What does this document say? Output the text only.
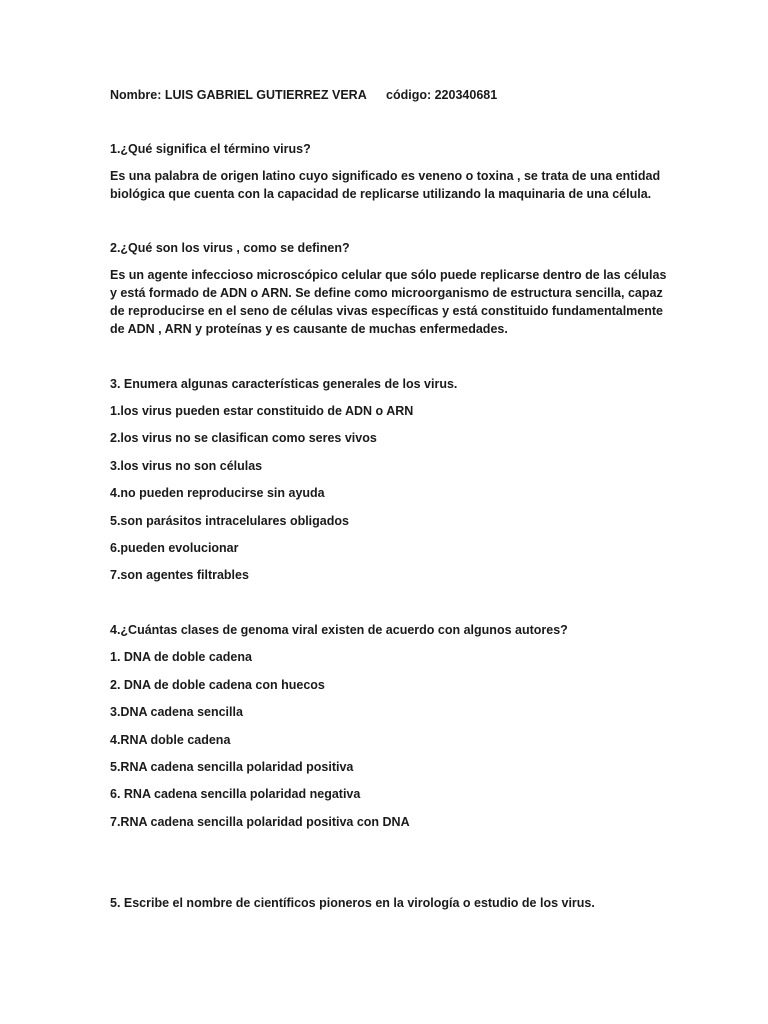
Nombre: LUIS GABRIEL GUTIERREZ VERA código: 220340681
1.¿Qué significa el término virus?
Es una palabra de origen latino cuyo significado es veneno o toxina , se trata de una entidad
biológica que cuenta con la capacidad de replicarse utilizando la maquinaria de una célula.
2.¿Qué son los virus , como se definen?
Es un agente infeccioso microscópico celular que sólo puede replicarse dentro de las células
y está formado de ADN o ARN. Se define como microorganismo de estructura sencilla, capaz
de reproducirse en el seno de células vivas específicas y está constituido fundamentalmente
de ADN , ARN y proteínas y es causante de muchas enfermedades.
3. Enumera algunas características generales de los virus.
1.los virus pueden estar constituido de ADN o ARN
2.los virus no se clasifican como seres vivos
3.los virus no son células
4.no pueden reproducirse sin ayuda
5.son parásitos intracelulares obligados
6.pueden evolucionar
7.son agentes filtrables
4.¿Cuántas clases de genoma viral existen de acuerdo con algunos autores?
1. DNA de doble cadena
2. DNA de doble cadena con huecos
3.DNA cadena sencilla
4.RNA doble cadena
5.RNA cadena sencilla polaridad positiva
6. RNA cadena sencilla polaridad negativa
7.RNA cadena sencilla polaridad positiva con DNA
5. Escribe el nombre de científicos pioneros en la virología o estudio de los virus.
